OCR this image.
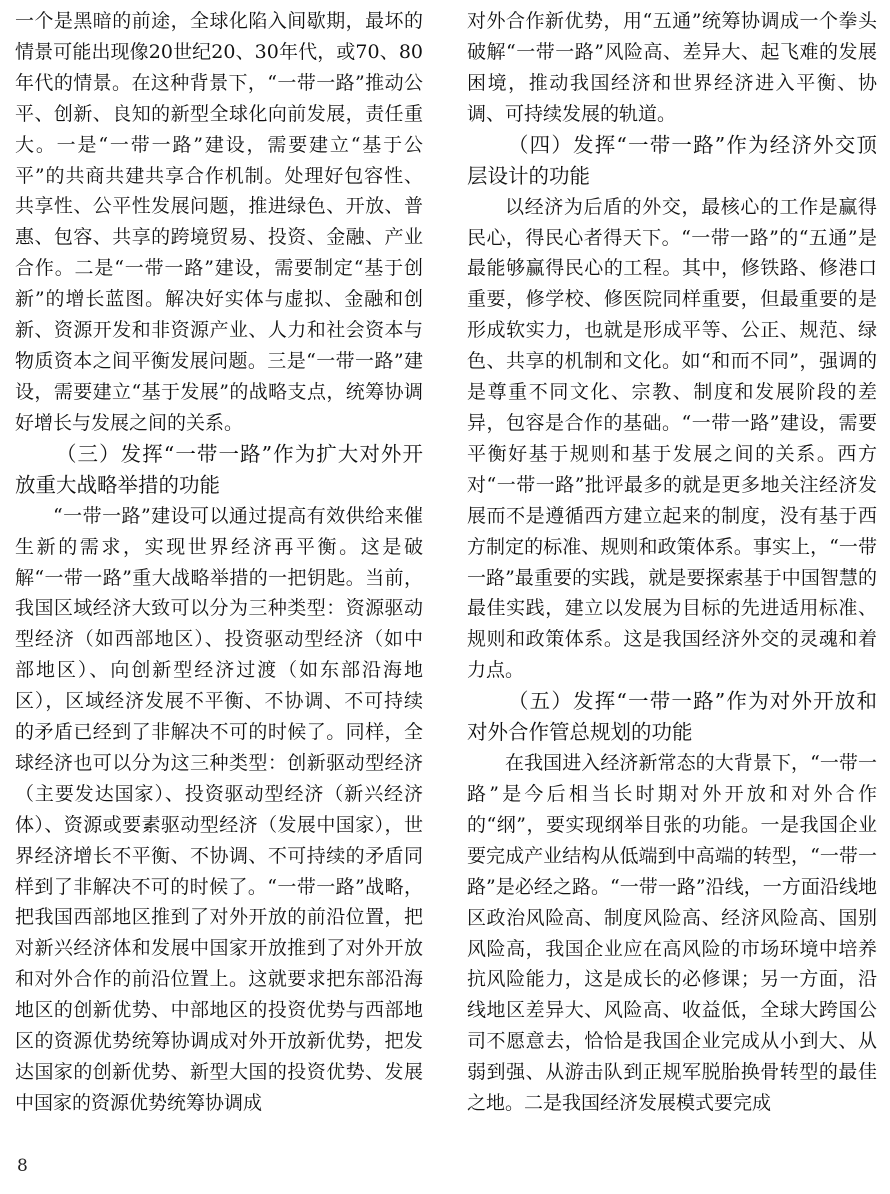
一个是黑暗的前途，全球化陷入间歇期，最坏的情景可能出现像20世纪20、30年代，或70、80年代的情景。在这种背景下，“一带一路”推动公平、创新、良知的新型全球化向前发展，责任重大。一是“一带一路”建设，需要建立“基于公平”的共商共建共享合作机制。处理好包容性、共享性、公平性发展问题，推进绿色、开放、普惠、包容、共享的跨境贸易、投资、金融、产业合作。二是“一带一路”建设，需要制定“基于创新”的增长蓝图。解决好实体与虚拟、金融和创新、资源开发和非资源产业、人力和社会资本与物质资本之间平衡发展问题。三是“一带一路”建设，需要建立“基于发展”的战略支点，统筹协调好增长与发展之间的关系。

（三）发挥“一带一路”作为扩大对外开放重大战略举措的功能

“一带一路”建设可以通过提高有效供给来催生新的需求，实现世界经济再平衡。这是破解“一带一路”重大战略举措的一把钥匙。当前，我国区域经济大致可以分为三种类型：资源驱动型经济（如西部地区）、投资驱动型经济（如中部地区）、向创新型经济过渡（如东部沿海地区），区域经济发展不平衡、不协调、不可持续的矛盾已经到了非解决不可的时候了。同样，全球经济也可以分为这三种类型：创新驱动型经济（主要发达国家）、投资驱动型经济（新兴经济体）、资源或要素驱动型经济（发展中国家），世界经济增长不平衡、不协调、不可持续的矛盾同样到了非解决不可的时候了。“一带一路”战略，把我国西部地区推到了对外开放的前沿位置，把对新兴经济体和发展中国家开放推到了对外开放和对外合作的前沿位置上。这就要求把东部沿海地区的创新优势、中部地区的投资优势与西部地区的资源优势统筹协调成对外开放新优势，把发达国家的创新优势、新型大国的投资优势、发展中国家的资源优势统筹协调成

对外合作新优势，用“五通”统筹协调成一个拳头破解“一带一路”风险高、差异大、起飞难的发展困境，推动我国经济和世界经济进入平衡、协调、可持续发展的轨道。

（四）发挥“一带一路”作为经济外交顶层设计的功能

以经济为后盾的外交，最核心的工作是赢得民心，得民心者得天下。“一带一路”的“五通”是最能够赢得民心的工程。其中，修铁路、修港口重要，修学校、修医院同样重要，但最重要的是形成软实力，也就是形成平等、公正、规范、绿色、共享的机制和文化。如“和而不同”，强调的是尊重不同文化、宗教、制度和发展阶段的差异，包容是合作的基础。“一带一路”建设，需要平衡好基于规则和基于发展之间的关系。西方对“一带一路”批评最多的就是更多地关注经济发展而不是遵循西方建立起来的制度，没有基于西方制定的标准、规则和政策体系。事实上，“一带一路”最重要的实践，就是要探索基于中国智慧的最佳实践，建立以发展为目标的先进适用标准、规则和政策体系。这是我国经济外交的灵魂和着力点。

（五）发挥“一带一路”作为对外开放和对外合作管总规划的功能

在我国进入经济新常态的大背景下，“一带一路”是今后相当长时期对外开放和对外合作的“纲”，要实现纲举目张的功能。一是我国企业要完成产业结构从低端到中高端的转型，“一带一路”是必经之路。“一带一路”沿线，一方面沿线地区政治风险高、制度风险高、经济风险高、国别风险高，我国企业应在高风险的市场环境中培养抗风险能力，这是成长的必修课；另一方面，沿线地区差异大、风险高、收益低，全球大跨国公司不愿意去，恰恰是我国企业完成从小到大、从弱到强、从游击队到正规军脱胎换骨转型的最佳之地。二是我国经济发展模式要完成

8
